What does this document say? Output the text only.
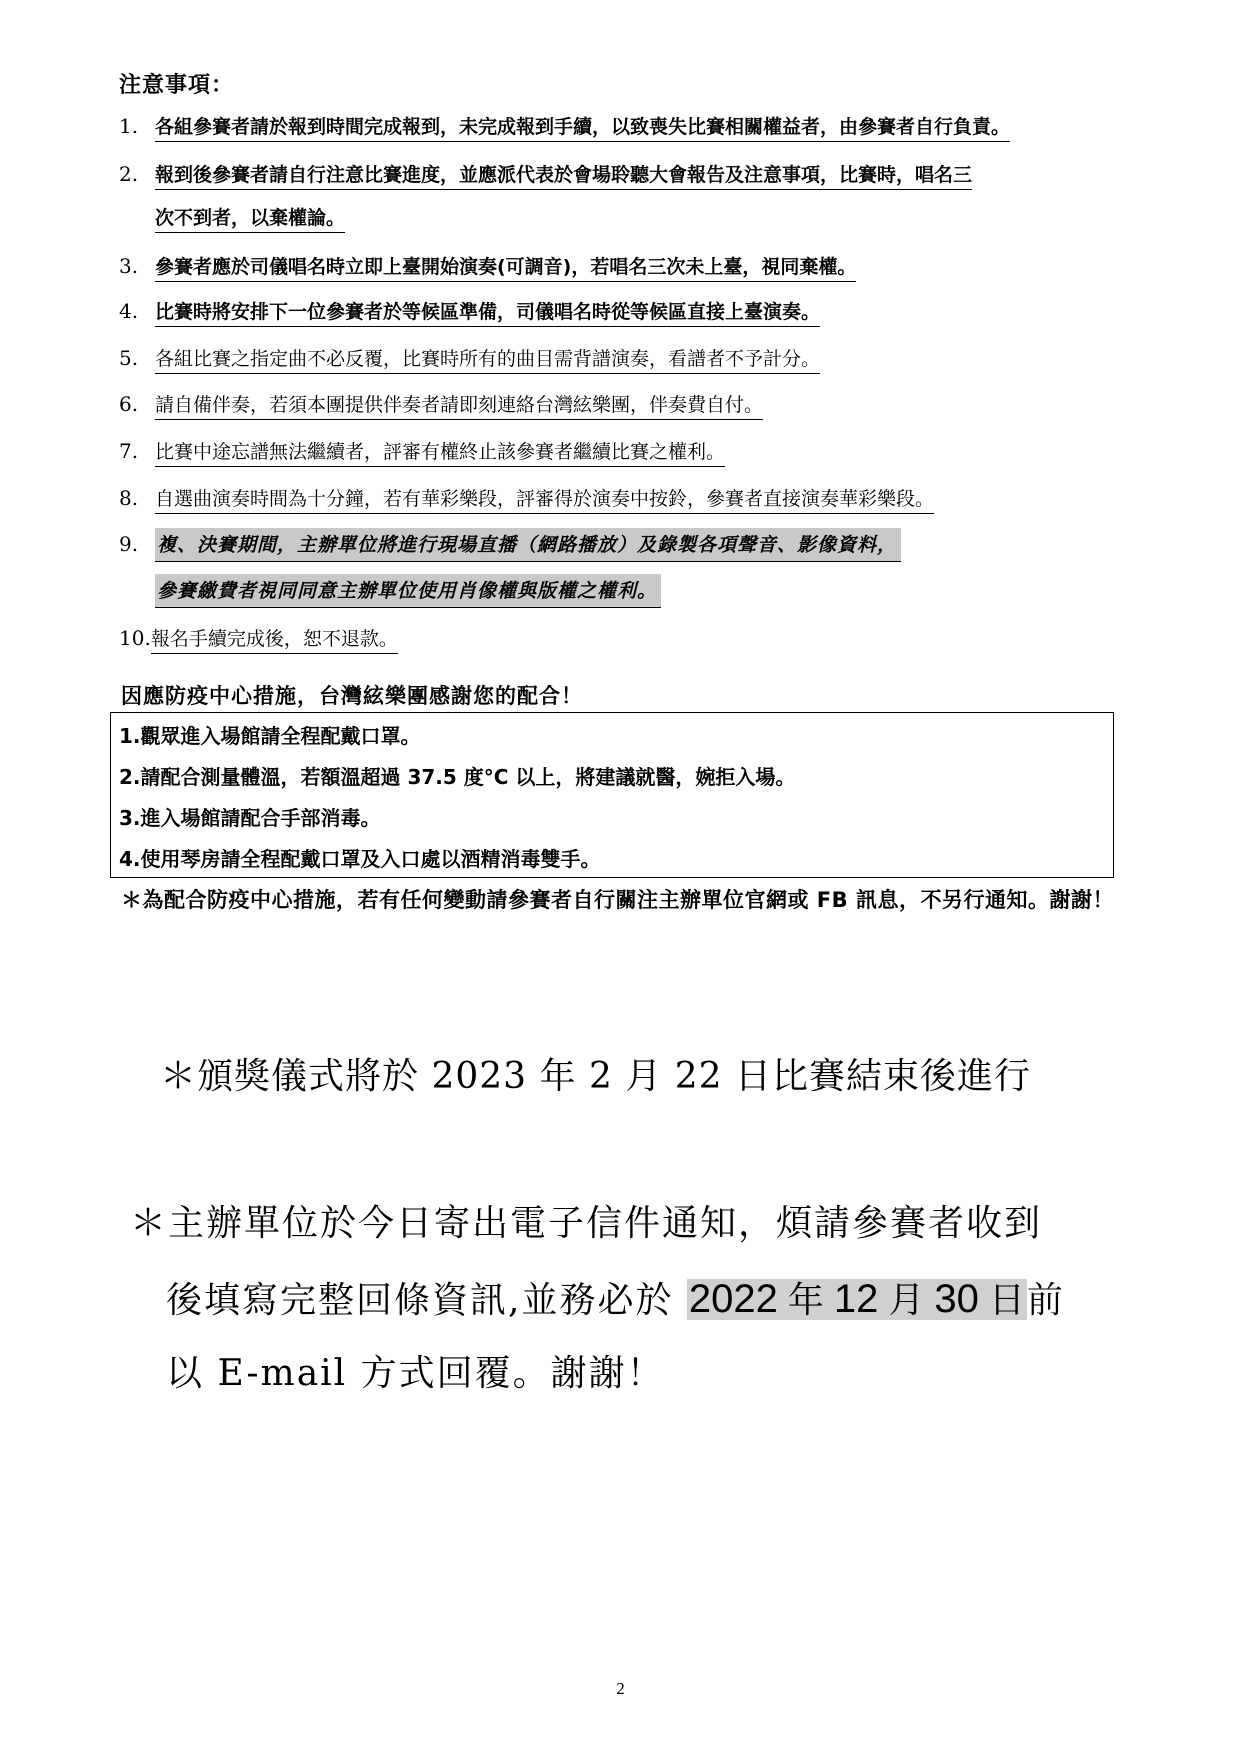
注意事項：
1. 各組參賽者請於報到時間完成報到，未完成報到手續，以致喪失比賽相關權益者，由參賽者自行負責。
2. 報到後參賽者請自行注意比賽進度，並應派代表於會場聆聽大會報告及注意事項，比賽時，唱名三
次不到者，以棄權論。
3. 參賽者應於司儀唱名時立即上臺開始演奏(可調音)，若唱名三次未上臺，視同棄權。
4. 比賽時將安排下一位參賽者於等候區準備，司儀唱名時從等候區直接上臺演奏。
5. 各組比賽之指定曲不必反覆，比賽時所有的曲目需背譜演奏，看譜者不予計分。
6. 請自備伴奏，若須本團提供伴奏者請即刻連絡台灣絃樂團，伴奏費自付。
7. 比賽中途忘譜無法繼續者，評審有權終止該參賽者繼續比賽之權利。
8. 自選曲演奏時間為十分鐘，若有華彩樂段，評審得於演奏中按鈴，參賽者直接演奏華彩樂段。
9. 複、決賽期間，主辦單位將進行現場直播（網路播放）及錄製各項聲音、影像資料，
參賽繳費者視同同意主辦單位使用肖像權與版權之權利。
10.報名手續完成後，恕不退款。
因應防疫中心措施，台灣絃樂團感謝您的配合！
1.觀眾進入場館請全程配戴口罩。
2.請配合測量體溫，若額溫超過 37.5 度°C 以上，將建議就醫，婉拒入場。
3.進入場館請配合手部消毒。
4.使用琴房請全程配戴口罩及入口處以酒精消毒雙手。
＊為配合防疫中心措施，若有任何變動請參賽者自行關注主辦單位官網或 FB 訊息，不另行通知。謝謝！
＊頒獎儀式將於 2023 年 2 月 22 日比賽結束後進行
＊主辦單位於今日寄出電子信件通知，煩請參賽者收到
後填寫完整回條資訊,並務必於 2022 年 12 月 30 日前
以 E-mail 方式回覆。謝謝！
2
